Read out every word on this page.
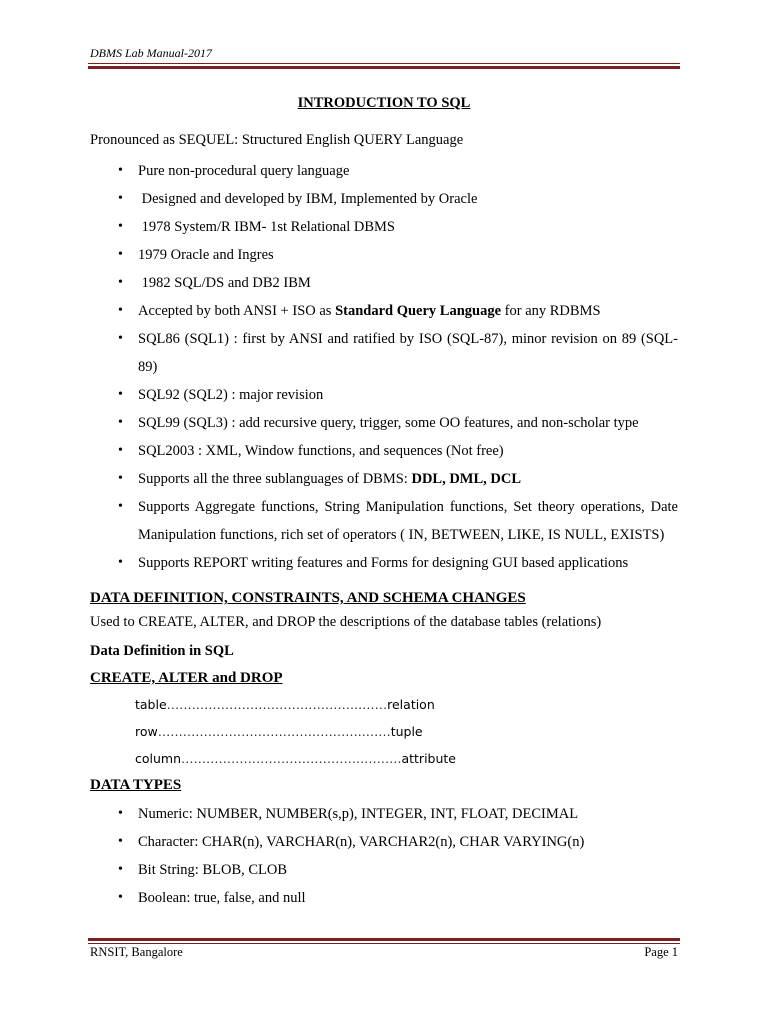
DBMS Lab Manual-2017
INTRODUCTION TO SQL
Pronounced as SEQUEL: Structured English QUERY Language
• Pure non-procedural query language
• Designed and developed by IBM, Implemented by Oracle
• 1978 System/R IBM- 1st Relational DBMS
• 1979 Oracle and Ingres
• 1982 SQL/DS and DB2 IBM
• Accepted by both ANSI + ISO as Standard Query Language for any RDBMS
• SQL86 (SQL1) : first by ANSI and ratified by ISO (SQL-87), minor revision on 89 (SQL-89)
• SQL92 (SQL2) : major revision
• SQL99 (SQL3) : add recursive query, trigger, some OO features, and non-scholar type
• SQL2003 : XML, Window functions, and sequences (Not free)
• Supports all the three sublanguages of DBMS: DDL, DML, DCL
• Supports Aggregate functions, String Manipulation functions, Set theory operations, Date Manipulation functions, rich set of operators ( IN, BETWEEN, LIKE, IS NULL, EXISTS)
• Supports REPORT writing features and Forms for designing GUI based applications
DATA DEFINITION, CONSTRAINTS, AND SCHEMA CHANGES
Used to CREATE, ALTER, and DROP the descriptions of the database tables (relations)
Data Definition in SQL
CREATE, ALTER and DROP
table………………………………………..……relation
row…………………………………………..……tuple
column…………………………………….……….attribute
DATA TYPES
• Numeric: NUMBER, NUMBER(s,p), INTEGER, INT, FLOAT, DECIMAL
• Character: CHAR(n), VARCHAR(n), VARCHAR2(n), CHAR VARYING(n)
• Bit String: BLOB, CLOB
• Boolean: true, false, and null
RNSIT, Bangalore	Page 1
